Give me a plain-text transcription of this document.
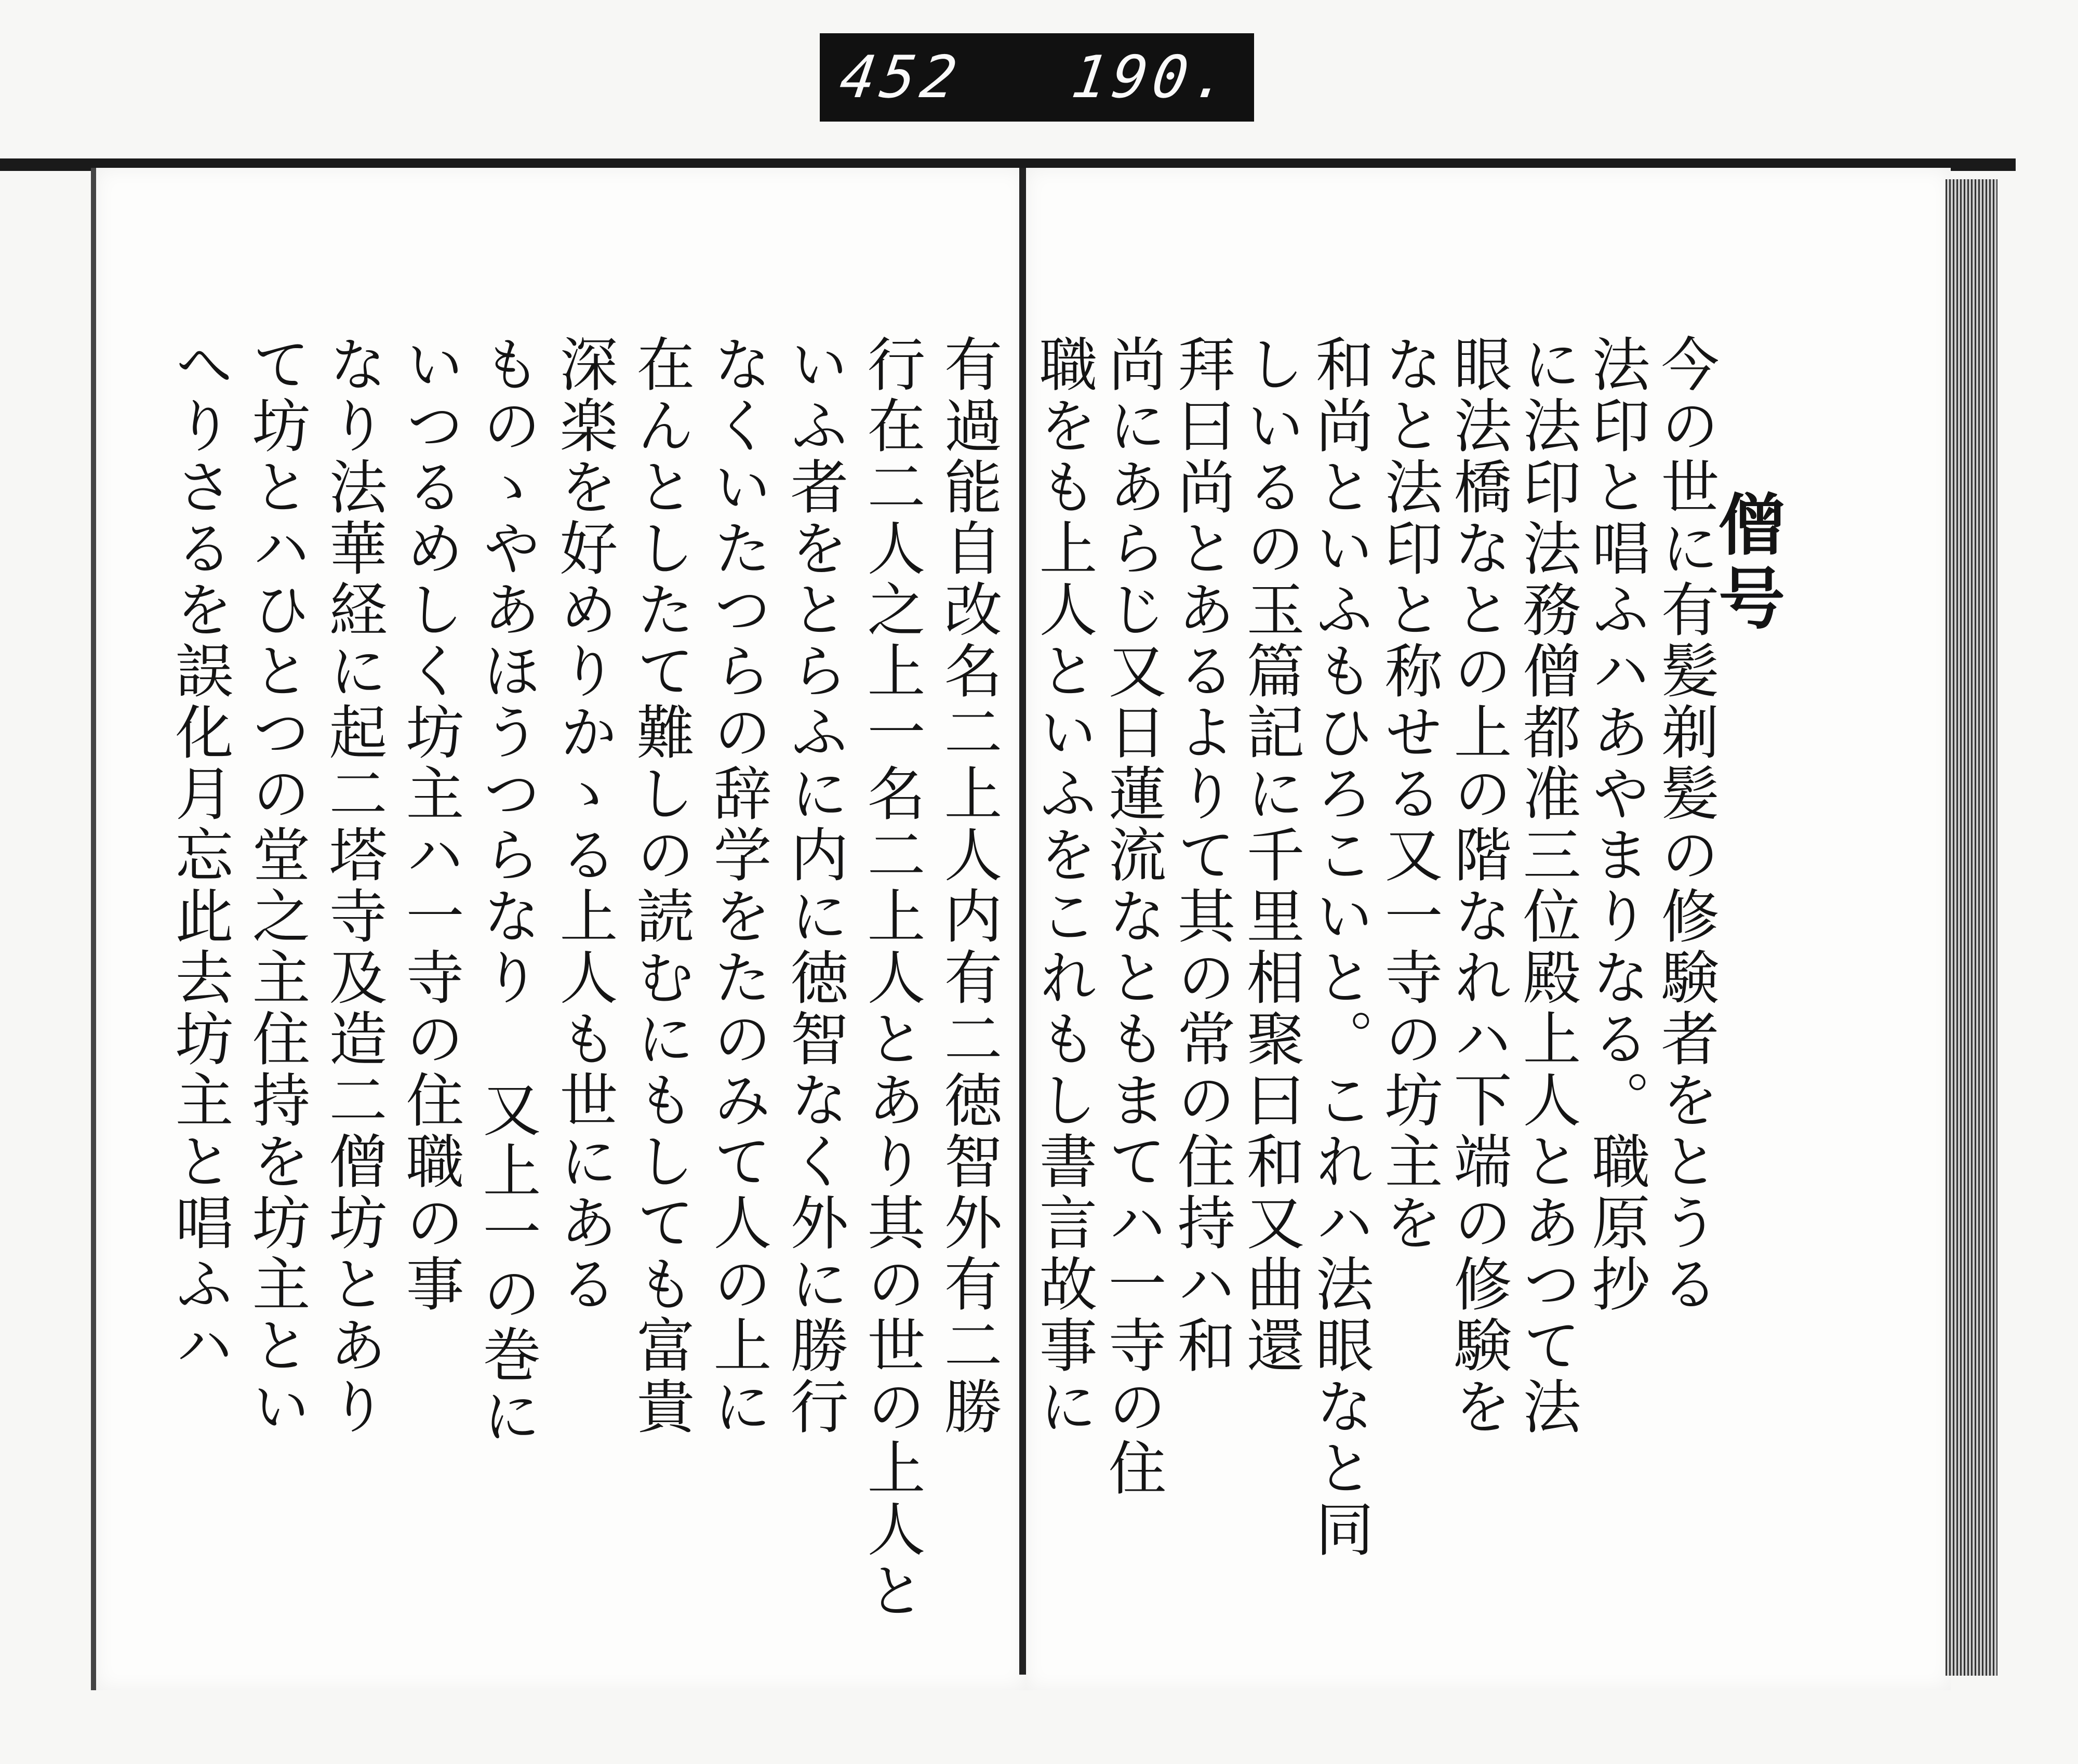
452 190.
有過能自改名二上人内有二徳智外有二勝
行在二人之上一名二上人とあり其の世の上人と
いふ者をとらふに内に徳智なく外に勝行
なくいたつらの辞学をたのみて人の上に
在んとしたて難しの読むにもしても富貴
深楽を好めりかゝる上人も世にある
ものゝやあほうつらなり 又上一の巻に
いつるめしく坊主ハ一寺の住職の事
なり法華経に起二塔寺及造二僧坊とあり
て坊とハひとつの堂之主住持を坊主とい
へりさるを誤化月忘此去坊主と唱ふハ	僧号
今の世に有髪剃髪の修験者をとうる
法印と唱ふハあやまりなる。職原抄
に法印法務僧都准三位殿上人とあつて法
眼法橋なとの上の階なれハ下端の修験を
なと法印と称せる又一寺の坊主を
和尚といふもひろこいと。これハ法眼なと同
しいるの玉篇記に千里相聚曰和又曲還
拜曰尚とあるよりて其の常の住持ハ和
尚にあらじ又日蓮流なともまてハ一寺の住
職をも上人といふをこれもし書言故事に
